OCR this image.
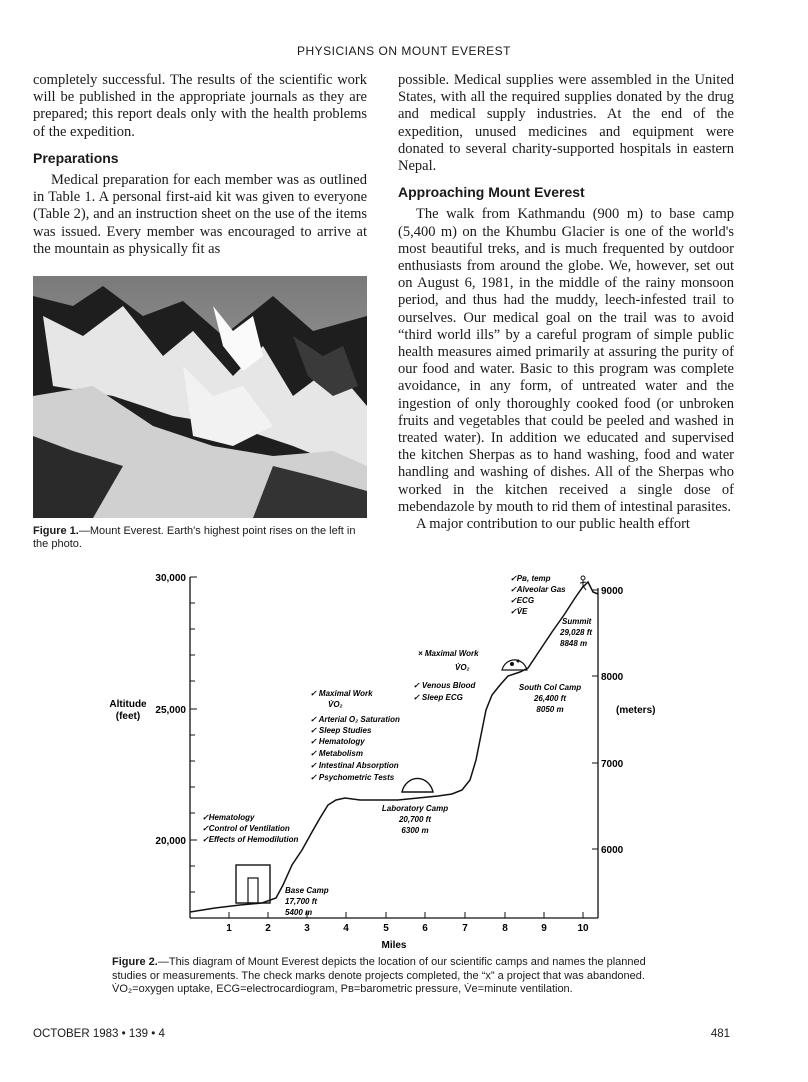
PHYSICIANS ON MOUNT EVEREST

completely successful. The results of the scientific work will be published in the appropriate journals as they are prepared; this report deals only with the health problems of the expedition.

Preparations

Medical preparation for each member was as outlined in Table 1. A personal first-aid kit was given to everyone (Table 2), and an instruction sheet on the use of the items was issued. Every member was encouraged to arrive at the mountain as physically fit as

Figure 1.—Mount Everest. Earth's highest point rises on the left in the photo.

possible. Medical supplies were assembled in the United States, with all the required supplies donated by the drug and medical supply industries. At the end of the expedition, unused medicines and equipment were donated to several charity-supported hospitals in eastern Nepal.

Approaching Mount Everest

The walk from Kathmandu (900 m) to base camp (5,400 m) on the Khumbu Glacier is one of the world's most beautiful treks, and is much frequented by outdoor enthusiasts from around the globe. We, however, set out on August 6, 1981, in the middle of the rainy monsoon period, and thus had the muddy, leech-infested trail to ourselves. Our medical goal on the trail was to avoid “third world ills” by a careful program of simple public health measures aimed primarily at assuring the purity of our food and water. Basic to this program was complete avoidance, in any form, of untreated water and the ingestion of only thoroughly cooked food (or unbroken fruits and vegetables that could be peeled and washed in treated water). In addition we educated and supervised the kitchen Sherpas as to hand washing, food and water handling and washing of dishes. All of the Sherpas who worked in the kitchen received a single dose of mebendazole by mouth to rid them of intestinal parasites.

A major contribution to our public health effort

30,000
25,000
20,000
Altitude
(feet)
9000
8000
7000
6000
(meters)
1	2	3	4	5	6	7	8	9	10
Miles
Base Camp
17,700 ft
5400 m
Laboratory Camp
20,700 ft
6300 m
South Col Camp
26,400 ft
8050 m
Summit
29,028 ft
8848 m
✓Hematology
✓Control of Ventilation
✓Effects of Hemodilution
✓ Maximal Work
V̇O₂
✓ Arterial O₂ Saturation
✓ Sleep Studies
✓ Hematology
✓ Metabolism
✓ Intestinal Absorption
✓ Psychometric Tests
× Maximal Work
V̇O₂
✓ Venous Blood
✓ Sleep ECG
✓Pʙ, temp
✓Alveolar Gas
✓ECG
✓V̇E
Figure 2.—This diagram of Mount Everest depicts the location of our scientific camps and names the planned studies or measurements. The check marks denote projects completed, the “x” a project that was abandoned. V̇O₂=oxygen uptake, ECG=electrocardiogram, Pʙ=barometric pressure, V̇e=minute ventilation.
OCTOBER 1983 • 139 • 4	481
